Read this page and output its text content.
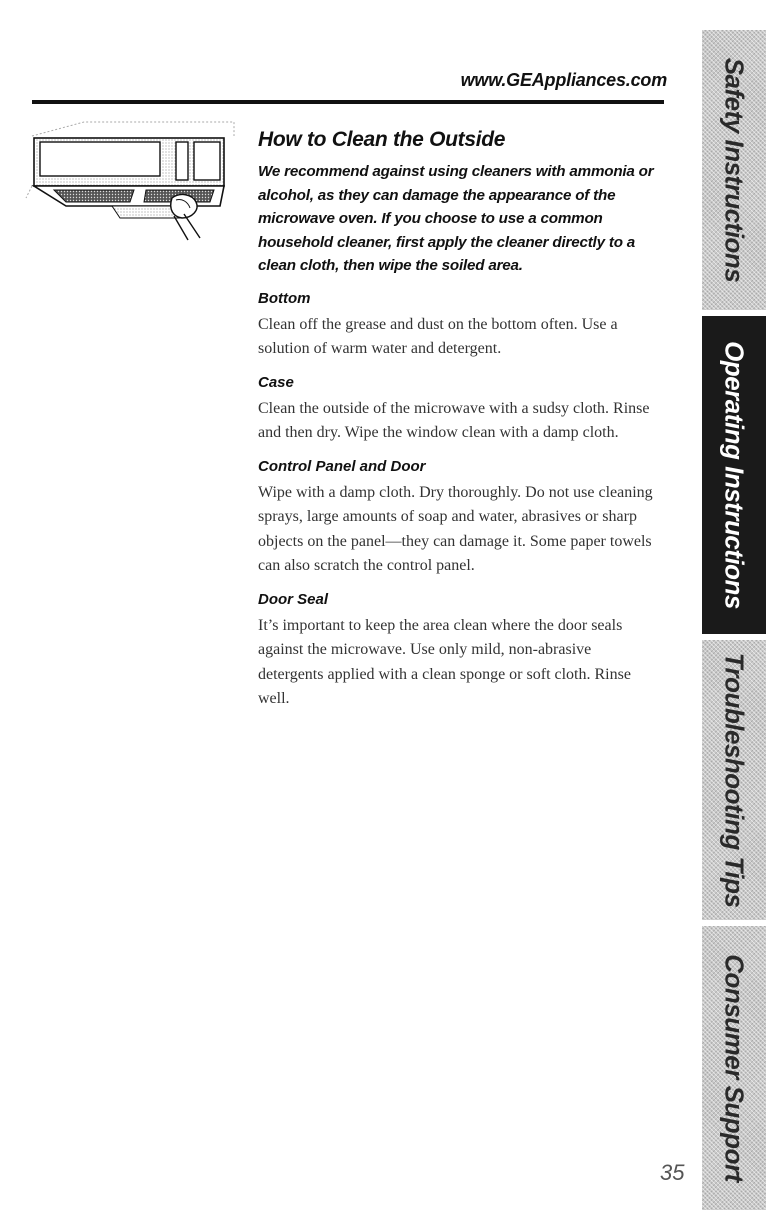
www.GEAppliances.com
How to Clean the Outside

We recommend against using cleaners with ammonia or alcohol, as they can damage the appearance of the microwave oven. If you choose to use a common household cleaner, first apply the cleaner directly to a clean cloth, then wipe the soiled area.

Bottom

Clean off the grease and dust on the bottom often. Use a solution of warm water and detergent.

Case

Clean the outside of the microwave with a sudsy cloth. Rinse and then dry. Wipe the window clean with a damp cloth.

Control Panel and Door

Wipe with a damp cloth. Dry thoroughly. Do not use cleaning sprays, large amounts of soap and water, abrasives or sharp objects on the panel—they can damage it. Some paper towels can also scratch the control panel.

Door Seal

It’s important to keep the area clean where the door seals against the microwave. Use only mild, non-abrasive detergents applied with a clean sponge or soft cloth. Rinse well.

Safety Instructions
Operating Instructions
Troubleshooting Tips
Consumer Support
35
